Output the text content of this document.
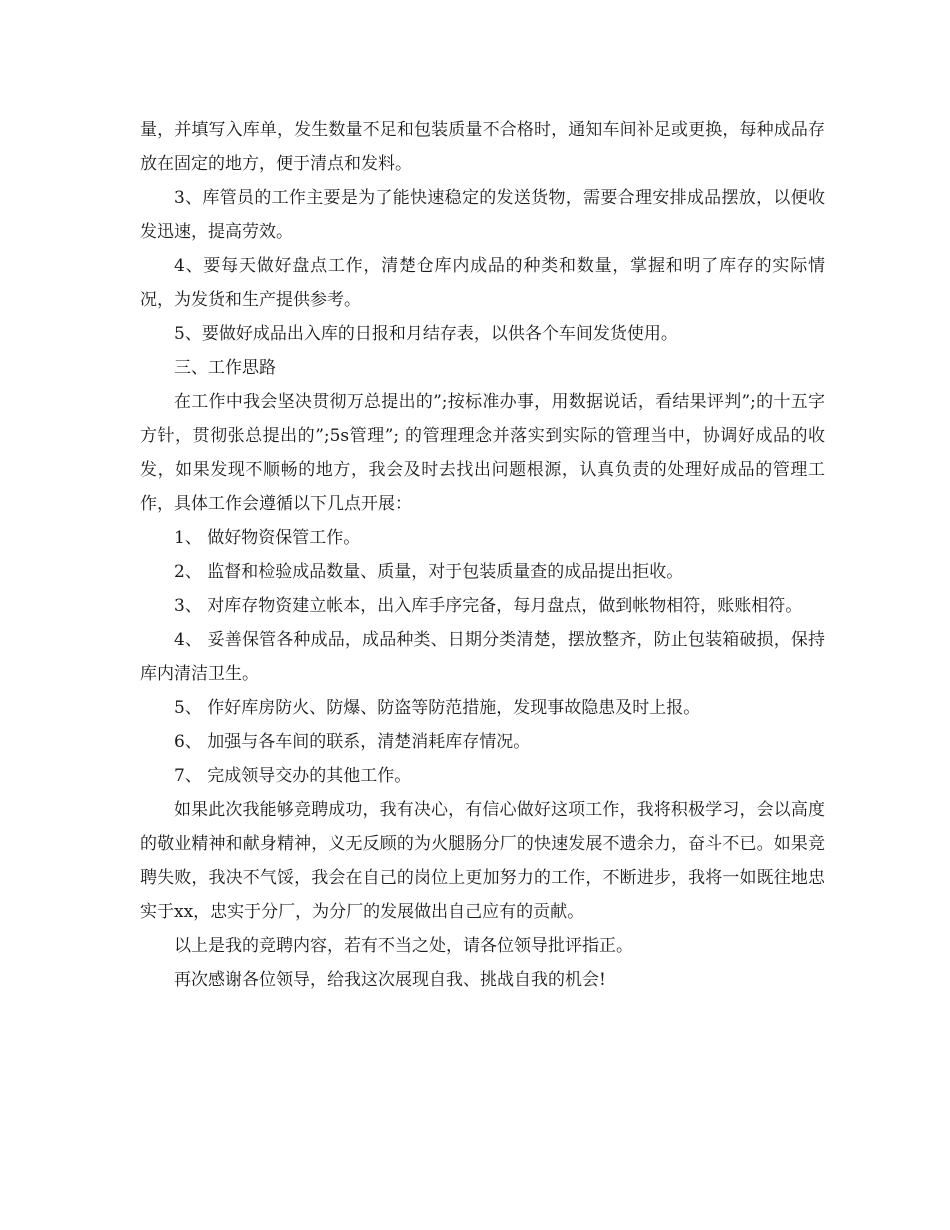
量，并填写入库单，发生数量不足和包装质量不合格时，通知车间补足或更换，每种成品存放在固定的地方，便于清点和发料。

3、库管员的工作主要是为了能快速稳定的发送货物，需要合理安排成品摆放，以便收发迅速，提高劳效。

4、要每天做好盘点工作，清楚仓库内成品的种类和数量，掌握和明了库存的实际情况，为发货和生产提供参考。

5、要做好成品出入库的日报和月结存表，以供各个车间发货使用。

三、工作思路

在工作中我会坚决贯彻万总提出的”;按标准办事，用数据说话，看结果评判”;的十五字方针，贯彻张总提出的”;5s管理”; 的管理理念并落实到实际的管理当中，协调好成品的收发，如果发现不顺畅的地方，我会及时去找出问题根源，认真负责的处理好成品的管理工作，具体工作会遵循以下几点开展：

1、 做好物资保管工作。

2、 监督和检验成品数量、质量，对于包装质量查的成品提出拒收。

3、 对库存物资建立帐本，出入库手序完备，每月盘点，做到帐物相符，账账相符。

4、 妥善保管各种成品，成品种类、日期分类清楚，摆放整齐，防止包装箱破损，保持库内清洁卫生。

5、 作好库房防火、防爆、防盗等防范措施，发现事故隐患及时上报。

6、 加强与各车间的联系，清楚消耗库存情况。

7、 完成领导交办的其他工作。

如果此次我能够竞聘成功，我有决心，有信心做好这项工作，我将积极学习，会以高度的敬业精神和献身精神，义无反顾的为火腿肠分厂的快速发展不遗余力，奋斗不已。如果竞聘失败，我决不气馁，我会在自己的岗位上更加努力的工作，不断进步，我将一如既往地忠实于xx，忠实于分厂，为分厂的发展做出自己应有的贡献。

以上是我的竞聘内容，若有不当之处，请各位领导批评指正。

再次感谢各位领导，给我这次展现自我、挑战自我的机会!
